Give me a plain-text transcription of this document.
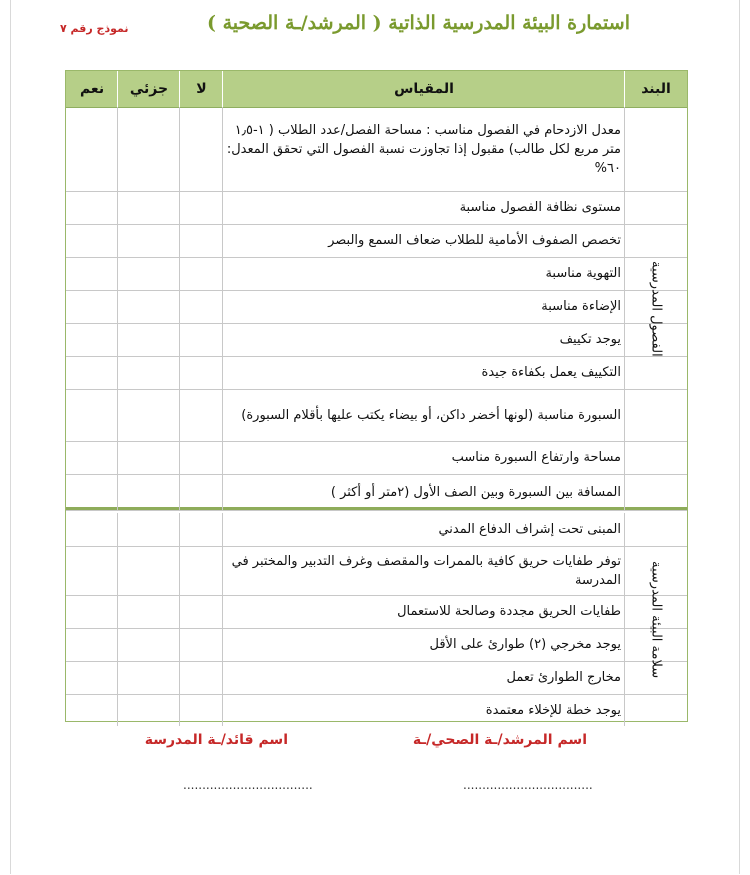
استمارة البيئة المدرسية الذاتية ( المرشد/ـة الصحية )
نموذج رقم ٧
البند
المقياس
لا
جزئي
نعم
معدل الازدحام في الفصول مناسب : مساحة الفصل/عدد الطلاب ( ١-١٫٥ متر مربع لكل طالب) مقبول إذا تجاوزت نسبة الفصول التي تحقق المعدل: ٦٠%
مستوى نظافة الفصول مناسبة
تخصص الصفوف الأمامية للطلاب ضعاف السمع والبصر
التهوية مناسبة
الإضاءة مناسبة
يوجد تكييف
التكييف يعمل بكفاءة جيدة
السبورة مناسبة (لونها أخضر داكن، أو بيضاء يكتب عليها بأقلام السبورة)
مساحة وارتفاع السبورة مناسب
المسافة بين السبورة وبين الصف الأول (٢متر أو أكثر )
الفصول المدرسية
المبنى تحت إشراف الدفاع المدني
توفر طفايات حريق كافية بالممرات والمقصف وغرف التدبير والمختبر في المدرسة
طفايات الحريق مجددة وصالحة للاستعمال
يوجد مخرجي (٢) طوارئ على الأقل
مخارج الطوارئ تعمل
يوجد خطة للإخلاء معتمدة
سلامة البيئة المدرسية
اسم المرشد/ـة الصحي/ـة
اسم قائد/ـة المدرسة
..................................
..................................
